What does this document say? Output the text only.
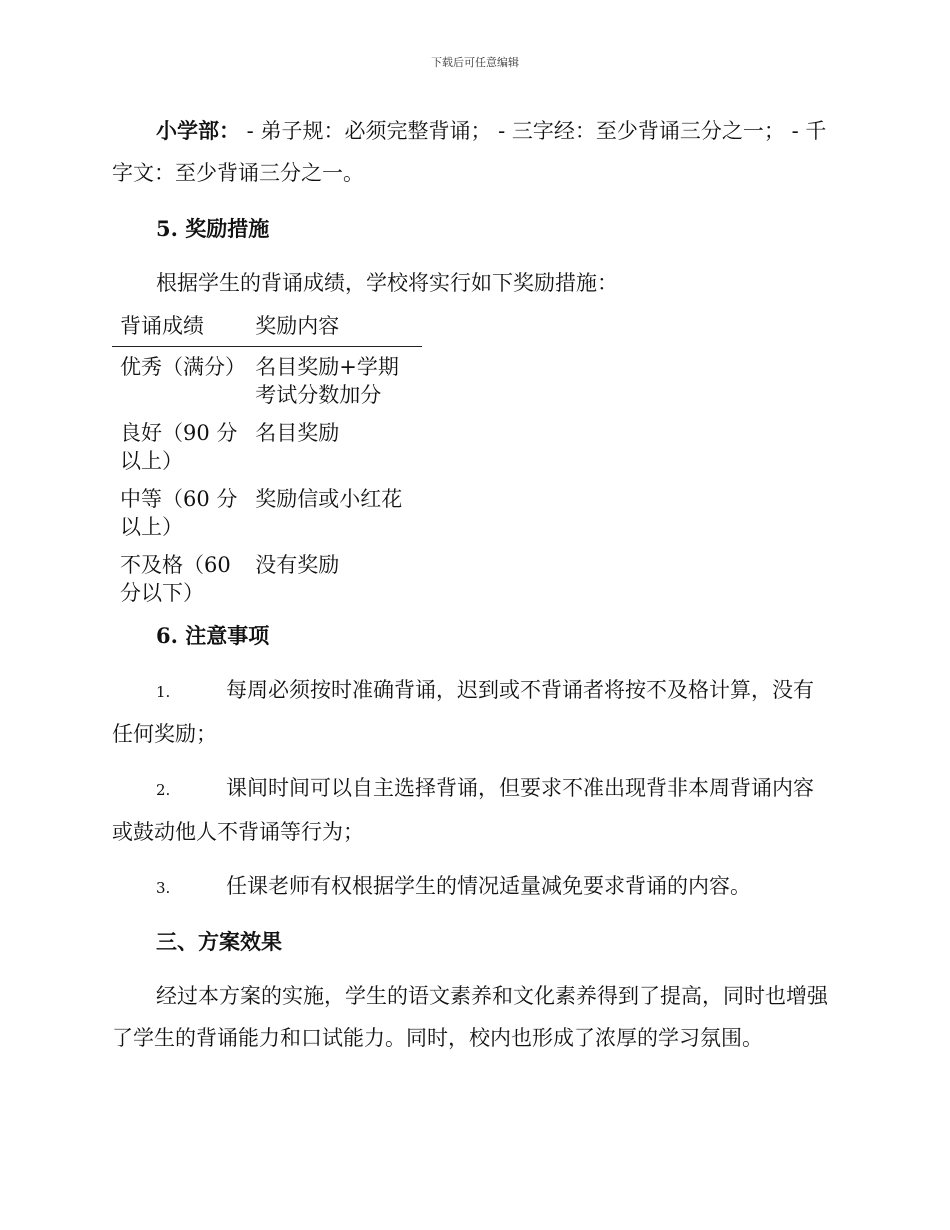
下载后可任意编辑

小学部： - 弟子规：必须完整背诵； - 三字经：至少背诵三分之一； - 千字文：至少背诵三分之一。

5. 奖励措施

根据学生的背诵成绩，学校将实行如下奖励措施：

背诵成绩	奖励内容
优秀（满分）	名目奖励+学期考试分数加分
良好（90 分以上）	名目奖励
中等（60 分以上）	奖励信或小红花
不及格（60 分以下）	没有奖励
6. 注意事项
1.	每周必须按时准确背诵，迟到或不背诵者将按不及格计算，没有任何奖励；
2.	课间时间可以自主选择背诵，但要求不准出现背非本周背诵内容或鼓动他人不背诵等行为；
3.	任课老师有权根据学生的情况适量减免要求背诵的内容。
三、方案效果

经过本方案的实施，学生的语文素养和文化素养得到了提高，同时也增强了学生的背诵能力和口试能力。同时，校内也形成了浓厚的学习氛围。
